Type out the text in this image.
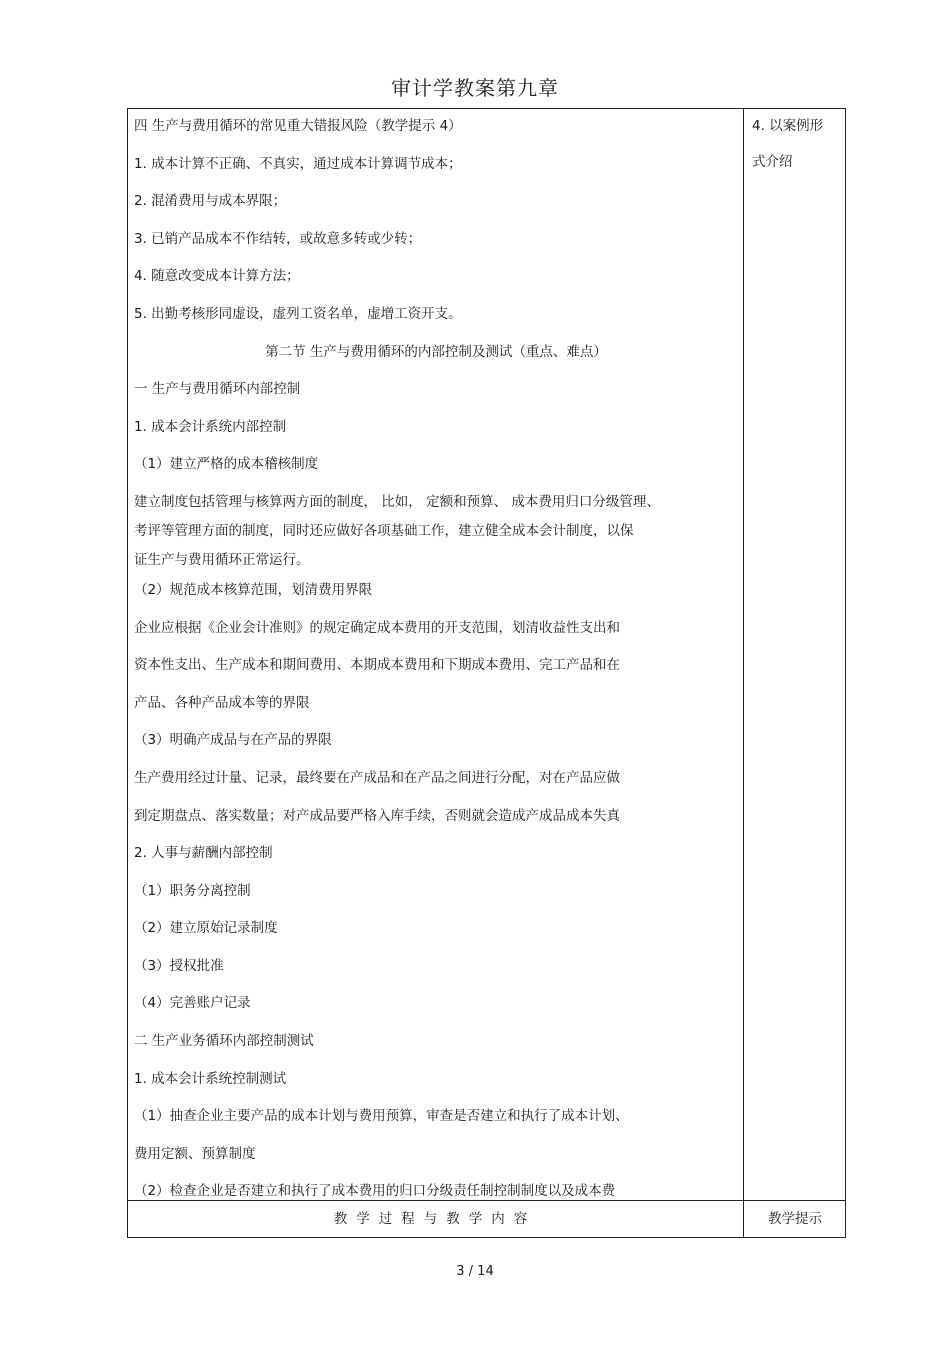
审计学教案第九章
四 生产与费用循环的常见重大错报风险（教学提示 4）
1. 成本计算不正确、不真实，通过成本计算调节成本；
2. 混淆费用与成本界限；
3. 已销产品成本不作结转，或故意多转或少转；
4. 随意改变成本计算方法；
5. 出勤考核形同虚设，虚列工资名单，虚增工资开支。
第二节 生产与费用循环的内部控制及测试（重点、难点）
一 生产与费用循环内部控制
1. 成本会计系统内部控制
（1）建立严格的成本稽核制度
建立制度包括管理与核算两方面的制度， 比如， 定额和预算、 成本费用归口分级管理、
考评等管理方面的制度，同时还应做好各项基础工作，建立健全成本会计制度，以保
证生产与费用循环正常运行。
（2）规范成本核算范围，划清费用界限
企业应根据《企业会计准则》的规定确定成本费用的开支范围，划清收益性支出和
资本性支出、生产成本和期间费用、本期成本费用和下期成本费用、完工产品和在
产品、各种产品成本等的界限
（3）明确产成品与在产品的界限
生产费用经过计量、记录，最终要在产成品和在产品之间进行分配，对在产品应做
到定期盘点、落实数量；对产成品要严格入库手续，否则就会造成产成品成本失真
2. 人事与薪酬内部控制
（1）职务分离控制
（2）建立原始记录制度
（3）授权批准
（4）完善账户记录
二 生产业务循环内部控制测试
1. 成本会计系统控制测试
（1）抽查企业主要产品的成本计划与费用预算，审查是否建立和执行了成本计划、
费用定额、预算制度
（2）检查企业是否建立和执行了成本费用的归口分级责任制控制制度以及成本费
4. 以案例形
式介绍
教学过程与教学内容	教学提示
3 / 14
